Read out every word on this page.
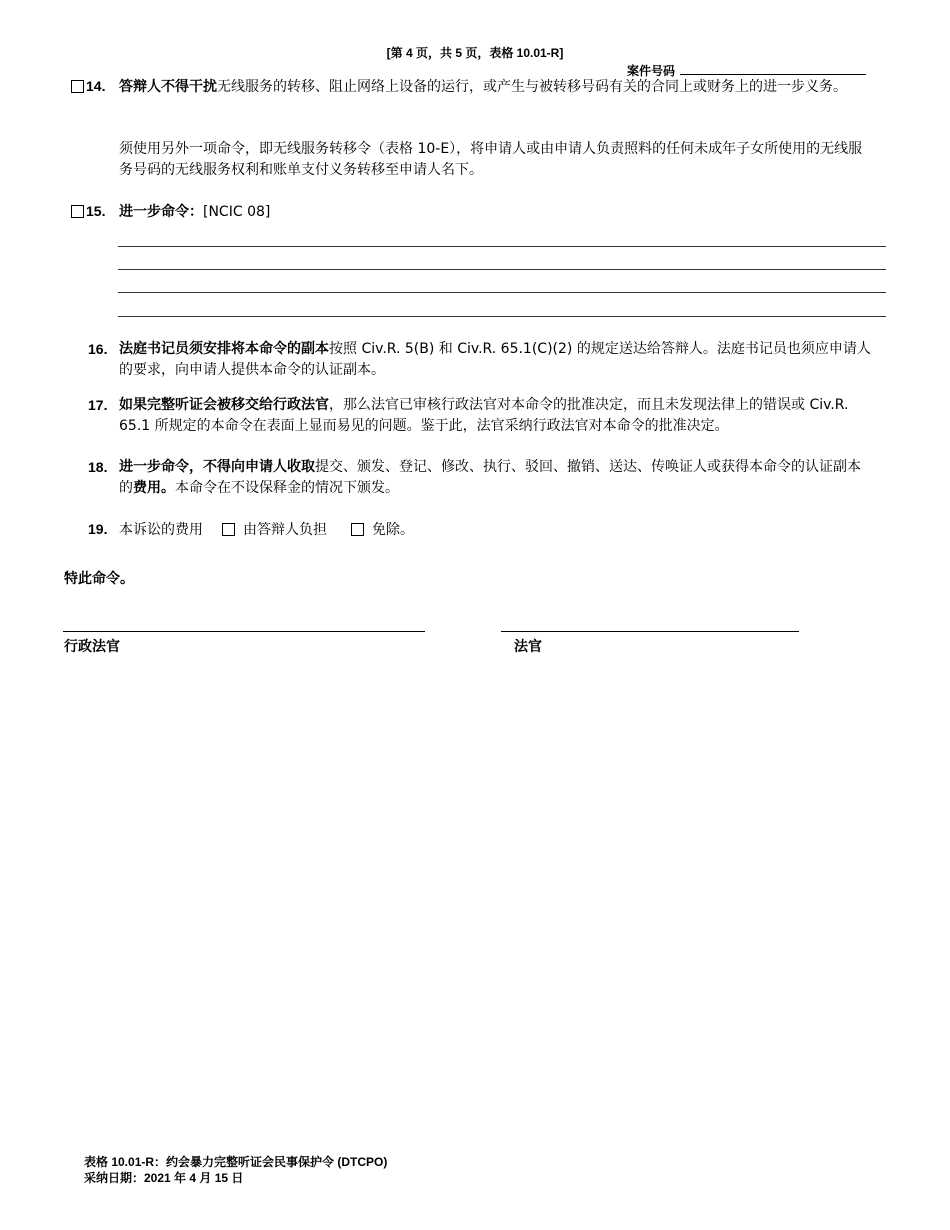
[第 4 页，共 5 页，表格 10.01-R]
案件号码
14. 答辩人不得干扰无线服务的转移、阻止网络上设备的运行，或产生与被转移号码有关的合同上或财务上的进一步义务。
须使用另外一项命令，即无线服务转移令（表格 10-E），将申请人或由申请人负责照料的任何未成年子女所使用的无线服务号码的无线服务权利和账单支付义务转移至申请人名下。
15. 进一步命令：[NCIC 08]
16. 法庭书记员须安排将本命令的副本按照 Civ.R. 5(B) 和 Civ.R. 65.1(C)(2) 的规定送达给答辩人。法庭书记员也须应申请人的要求，向申请人提供本命令的认证副本。
17. 如果完整听证会被移交给行政法官，那么法官已审核行政法官对本命令的批准决定，而且未发现法律上的错误或 Civ.R. 65.1 所规定的本命令在表面上显而易见的问题。鉴于此，法官采纳行政法官对本命令的批准决定。
18. 进一步命令，不得向申请人收取提交、颁发、登记、修改、执行、驳回、撤销、送达、传唤证人或获得本命令的认证副本的费用。本命令在不设保释金的情况下颁发。
19. 本诉讼的费用	由答辩人负担	免除。
特此命令。
行政法官	法官
表格 10.01-R：约会暴力完整听证会民事保护令 (DTCPO)
采纳日期：2021 年 4 月 15 日
